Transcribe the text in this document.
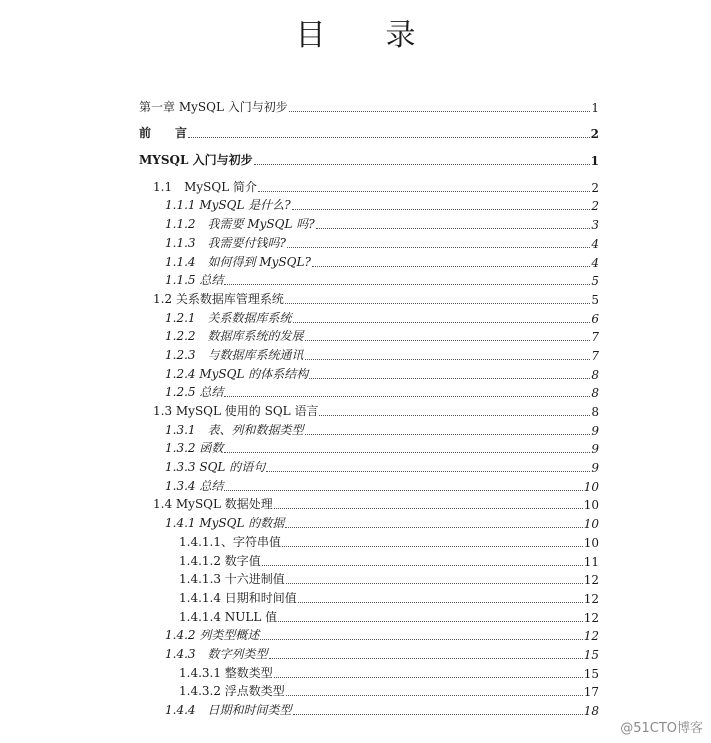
目 录
第一章 MySQL 入门与初步	1
前　　言	2
MYSQL 入门与初步	1
1.1　MySQL 简介	2
1.1.1 MySQL 是什么?	2
1.1.2　我需要 MySQL 吗?	3
1.1.3　我需要付钱吗?	4
1.1.4　如何得到 MySQL?	4
1.1.5 总结	5
1.2 关系数据库管理系统	5
1.2.1　关系数据库系统	6
1.2.2　数据库系统的发展	7
1.2.3　与数据库系统通讯	7
1.2.4 MySQL 的体系结构	8
1.2.5 总结	8
1.3 MySQL 使用的 SQL 语言	8
1.3.1　表、列和数据类型	9
1.3.2 函数	9
1.3.3 SQL 的语句	9
1.3.4 总结	10
1.4 MySQL 数据处理	10
1.4.1 MySQL 的数据	10
1.4.1.1、字符串值	10
1.4.1.2 数字值	11
1.4.1.3 十六进制值	12
1.4.1.4 日期和时间值	12
1.4.1.4 NULL 值	12
1.4.2 列类型概述	12
1.4.3　数字列类型	15
1.4.3.1 整数类型	15
1.4.3.2 浮点数类型	17
1.4.4　日期和时间类型	18
@51CTO博客
